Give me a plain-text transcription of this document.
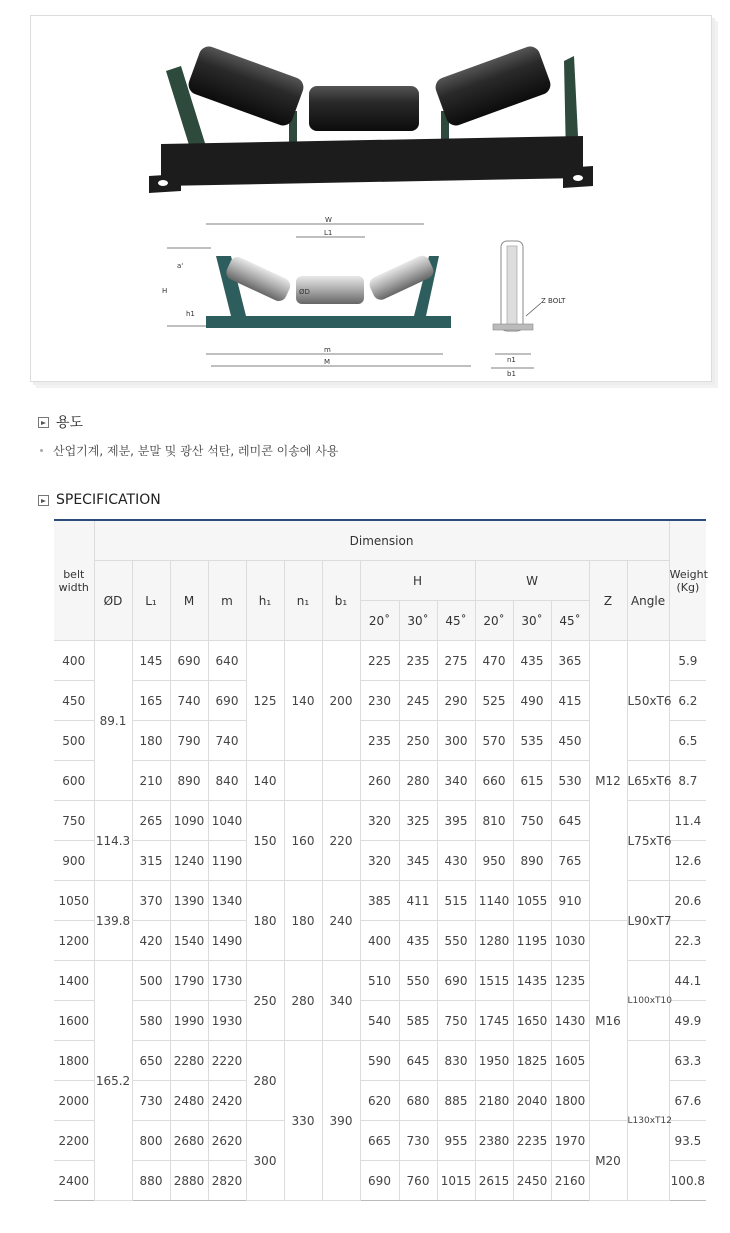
W
L1
a'
H
h1
ØD
m
M
Z BOLT
n1
b1
용도
산업기계, 제분, 분말 및 광산 석탄, 레미콘 이송에 사용
SPECIFICATION
belt width	Dimension															Weight (Kg)
	ØD	L₁	M	m	h₁	n₁	b₁	H			W			Z	Angle	
								20˚	30˚	45˚	20˚	30˚	45˚			
400	89.1	145	690	640	125	140	200	225	235	275	470	435	365	M12	L50xT6	5.9
450		165	740	690				230	245	290	525	490	415			6.2
500		180	790	740				235	250	300	570	535	450			6.5
600		210	890	840	140			260	280	340	660	615	530		L65xT6	8.7
750	114.3	265	1090	1040	150	160	220	320	325	395	810	750	645		L75xT6	11.4
900		315	1240	1190				320	345	430	950	890	765			12.6
1050	139.8	370	1390	1340	180	180	240	385	411	515	1140	1055	910		L90xT7	20.6
1200		420	1540	1490				400	435	550	1280	1195	1030	M16		22.3
1400	165.2	500	1790	1730	250	280	340	510	550	690	1515	1435	1235		L100xT10	44.1
1600		580	1990	1930				540	585	750	1745	1650	1430			49.9
1800		650	2280	2220	280	330	390	590	645	830	1950	1825	1605		L130xT12	63.3
2000		730	2480	2420				620	680	885	2180	2040	1800			67.6
2200		800	2680	2620	300			665	730	955	2380	2235	1970	M20		93.5
2400		880	2880	2820				690	760	1015	2615	2450	2160			100.8
